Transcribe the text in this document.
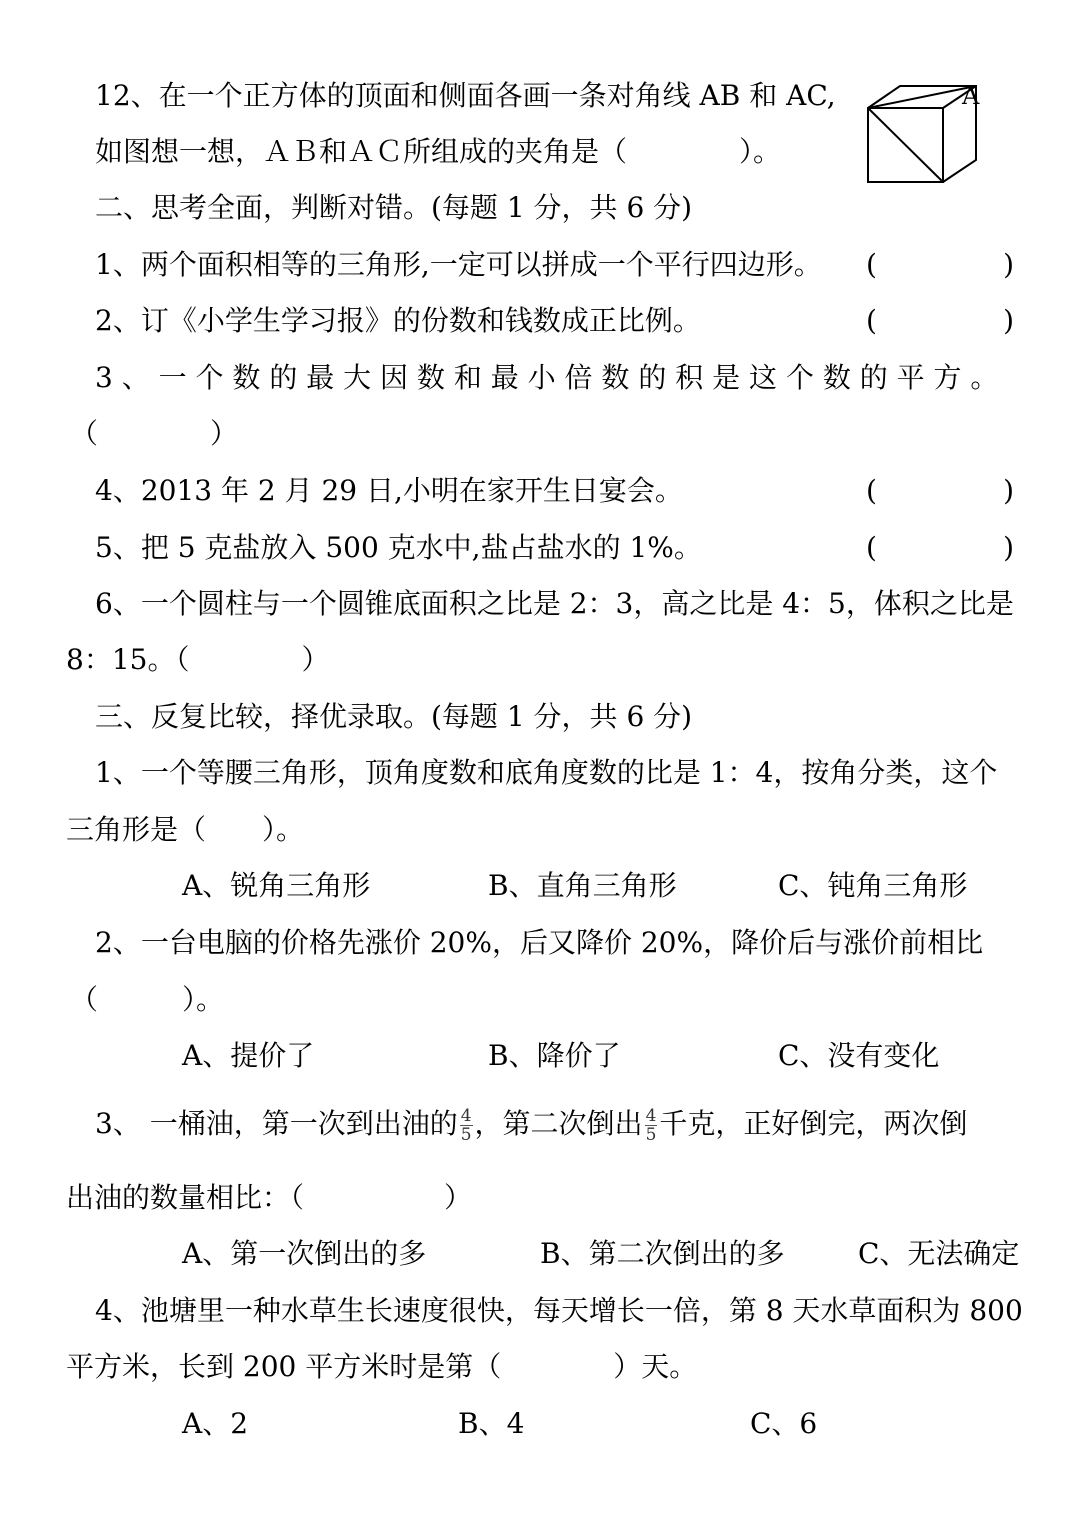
12、在一个正方体的顶面和侧面各画一条对角线 AB 和 AC,
如图想一想，ＡＢ和ＡＣ所组成的夹角是（　　　　）。
A
二、思考全面，判断对错。(每题 1 分，共 6 分)
1、两个面积相等的三角形,一定可以拼成一个平行四边形。 (	)
2、订《小学生学习报》的份数和钱数成正比例。	(	)
3 、 一 个 数 的 最 大 因 数 和 最 小 倍 数 的 积 是 这 个 数 的 平 方 。
（　　　　）
4、2013 年 2 月 29 日,小明在家开生日宴会。	(	)
5、把 5 克盐放入 500 克水中,盐占盐水的 1%。	(	)
6、一个圆柱与一个圆锥底面积之比是 2：3，高之比是 4：5，体积之比是
8：15。（　　　　）
三、反复比较，择优录取。(每题 1 分，共 6 分)
1、一个等腰三角形，顶角度数和底角度数的比是 1：4，按角分类，这个
三角形是（　　）。
A、锐角三角形	B、直角三角形	C、钝角三角形
2、一台电脑的价格先涨价 20%，后又降价 20%，降价后与涨价前相比
（　　　）。
A、提价了	B、降价了	C、没有变化
3、 一桶油，第一次到出油的 $\frac{4}{5}$ ，第二次倒出 $\frac{4}{5}$ 千克，正好倒完，两次倒
出油的数量相比：（　　　　　）
A、第一次倒出的多	B、第二次倒出的多	C、无法确定
4、池塘里一种水草生长速度很快，每天增长一倍，第 8 天水草面积为 800
平方米，长到 200 平方米时是第（　　　　）天。
A、2	B、4	C、6
